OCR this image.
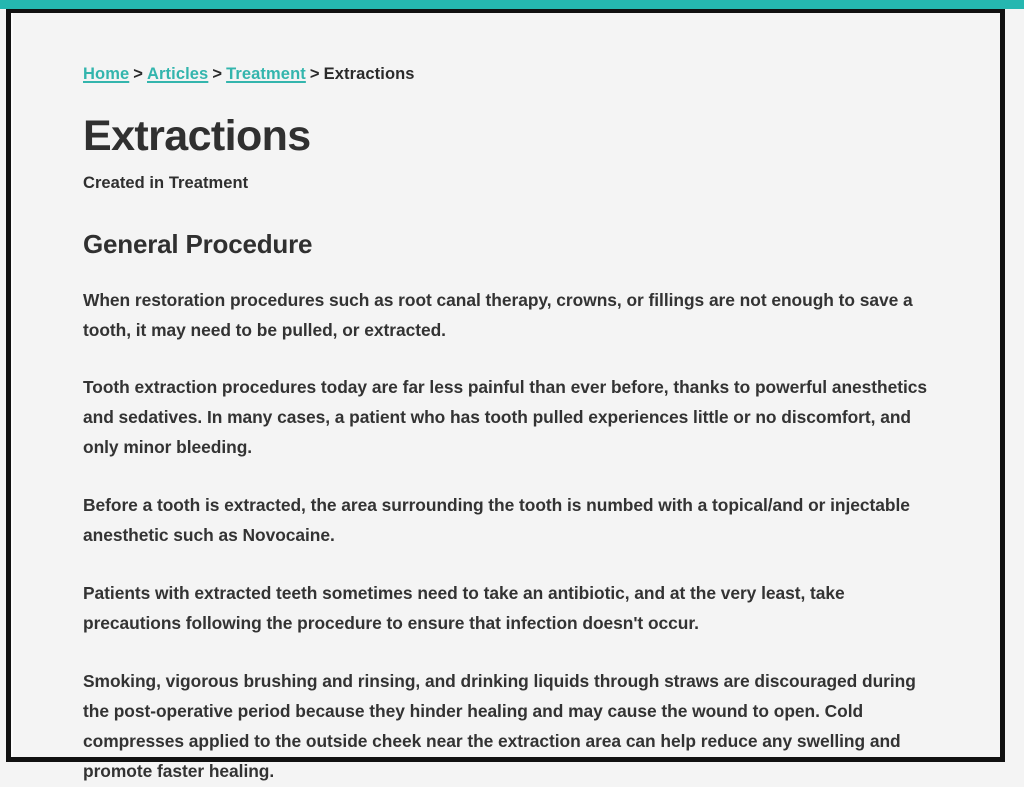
Home > Articles > Treatment > Extractions
Extractions
Created in Treatment
General Procedure

When restoration procedures such as root canal therapy, crowns, or fillings are not enough to save a tooth, it may need to be pulled, or extracted.

Tooth extraction procedures today are far less painful than ever before, thanks to powerful anesthetics and sedatives. In many cases, a patient who has tooth pulled experiences little or no discomfort, and only minor bleeding.

Before a tooth is extracted, the area surrounding the tooth is numbed with a topical/and or injectable anesthetic such as Novocaine.

Patients with extracted teeth sometimes need to take an antibiotic, and at the very least, take precautions following the procedure to ensure that infection doesn't occur.

Smoking, vigorous brushing and rinsing, and drinking liquids through straws are discouraged during the post-operative period because they hinder healing and may cause the wound to open. Cold compresses applied to the outside cheek near the extraction area can help reduce any swelling and promote faster healing.
